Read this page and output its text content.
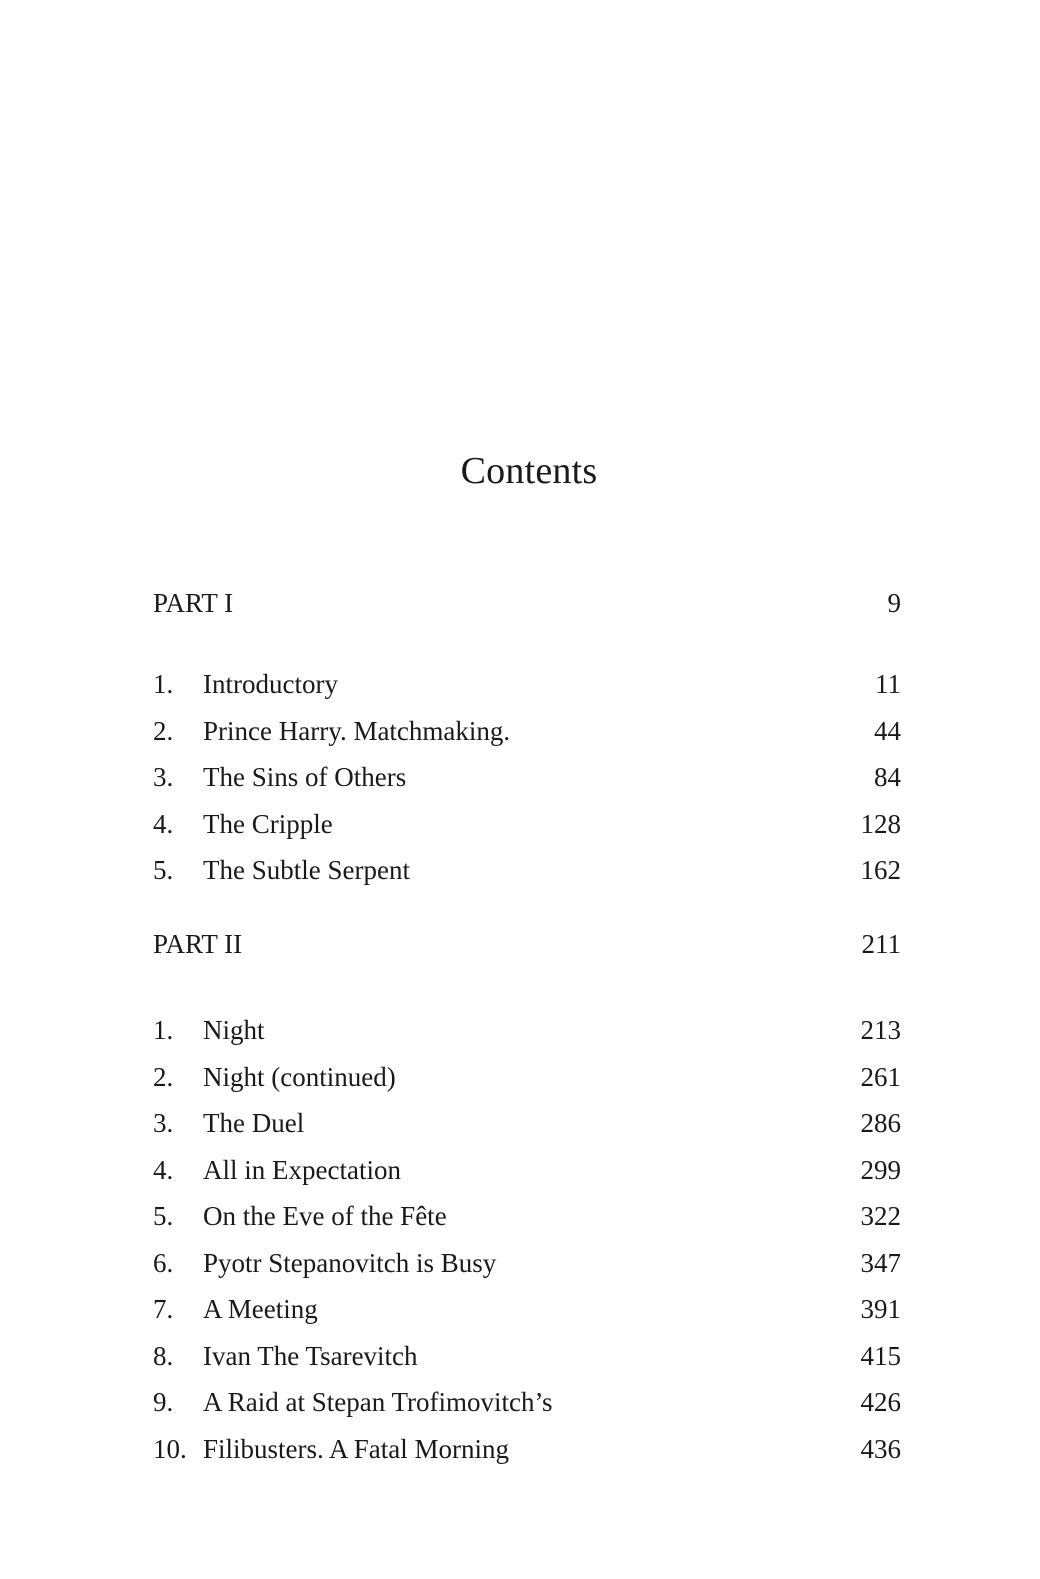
Contents
PART I	9
1. Introductory	11
2. Prince Harry. Matchmaking.	44
3. The Sins of Others	84
4. The Cripple	128
5. The Subtle Serpent	162
PART II	211
1. Night	213
2. Night (continued)	261
3. The Duel	286
4. All in Expectation	299
5. On the Eve of the Fête	322
6. Pyotr Stepanovitch is Busy	347
7. A Meeting	391
8. Ivan The Tsarevitch	415
9. A Raid at Stepan Trofimovitch’s	426
10. Filibusters. A Fatal Morning	436
